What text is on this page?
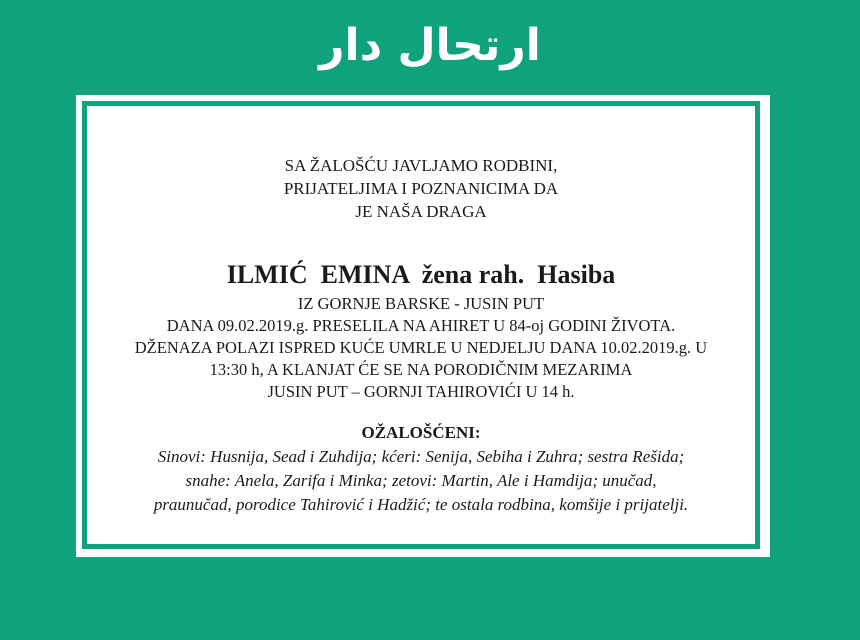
ارتحال دار
SA ŽALOŠĆU JAVLJAMO RODBINI,
PRIJATELJIMA I POZNANICIMA DA
JE NAŠA DRAGA
ILMIĆ  EMINA  žena rah.  Hasiba
IZ GORNJE BARSKE - JUSIN PUT
DANA 09.02.2019.g. PRESELILA NA AHIRET U 84-oj GODINI ŽIVOTA.
DŽENAZA POLAZI ISPRED KUĆE UMRLE U NEDJELJU DANA 10.02.2019.g. U
13:30 h, A KLANJAT ĆE SE NA PORODIČNIM MEZARIMA
JUSIN PUT – GORNJI TAHIROVIĆI U 14 h.
OŽALOŠĆENI:
Sinovi: Husnija, Sead i Zuhdija; kćeri: Senija, Sebiha i Zuhra; sestra Rešida;
snahe: Anela, Zarifa i Minka; zetovi: Martin, Ale i Hamdija; unučad,
praunučad, porodice Tahirović i Hadžić; te ostala rodbina, komšije i prijatelji.
